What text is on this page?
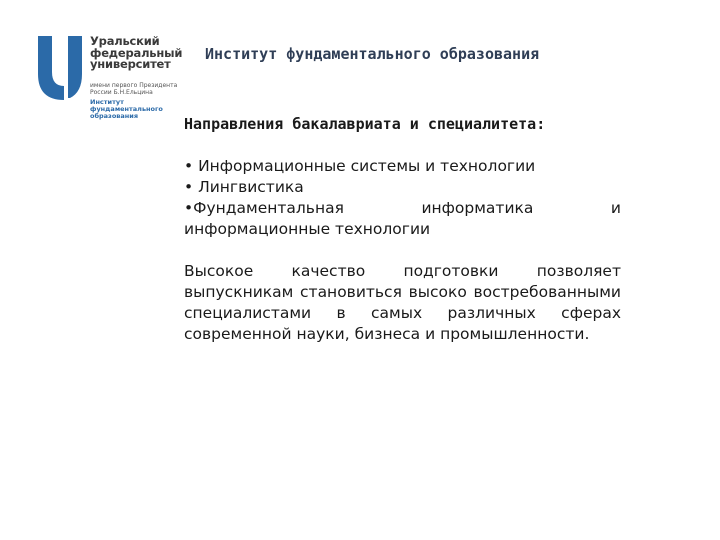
Уральский
федеральный
университет
имени первого Президента
России Б.Н.Ельцина
Институт
фундаментального
образования
Институт фундаментального образования
Направления бакалавриата и специалитета:
• Информационные системы и технологии
• Лингвистика
•Фундаментальная информатика и информационные технологии
Высокое качество подготовки позволяет выпускникам становиться высоко востребованными специалистами в самых различных сферах современной науки, бизнеса и промышленности.
